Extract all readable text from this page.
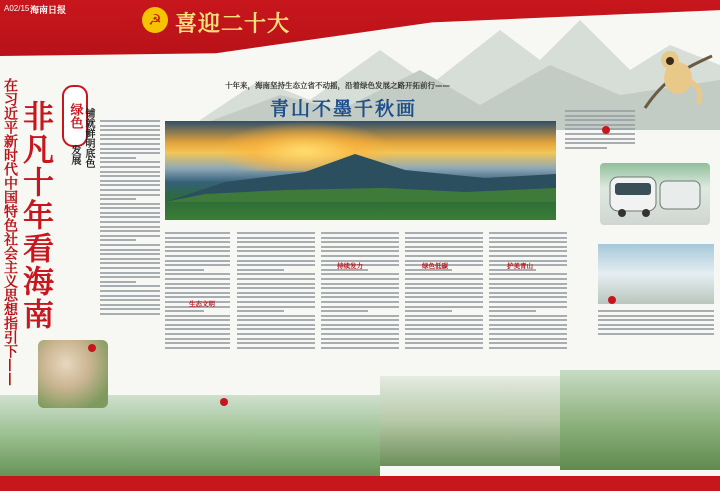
A02/15 海南日报	☭ 喜迎二十大
在习近平新时代中国特色社会主义思想指引下—— 非凡十年看海南	绿色
发展 铺就鲜明底色
十年来，海南坚持生态立省不动摇，沿着绿色发展之路开拓前行——
青山不墨千秋画
生态文明
持续发力	绿色低碳	护美青山
